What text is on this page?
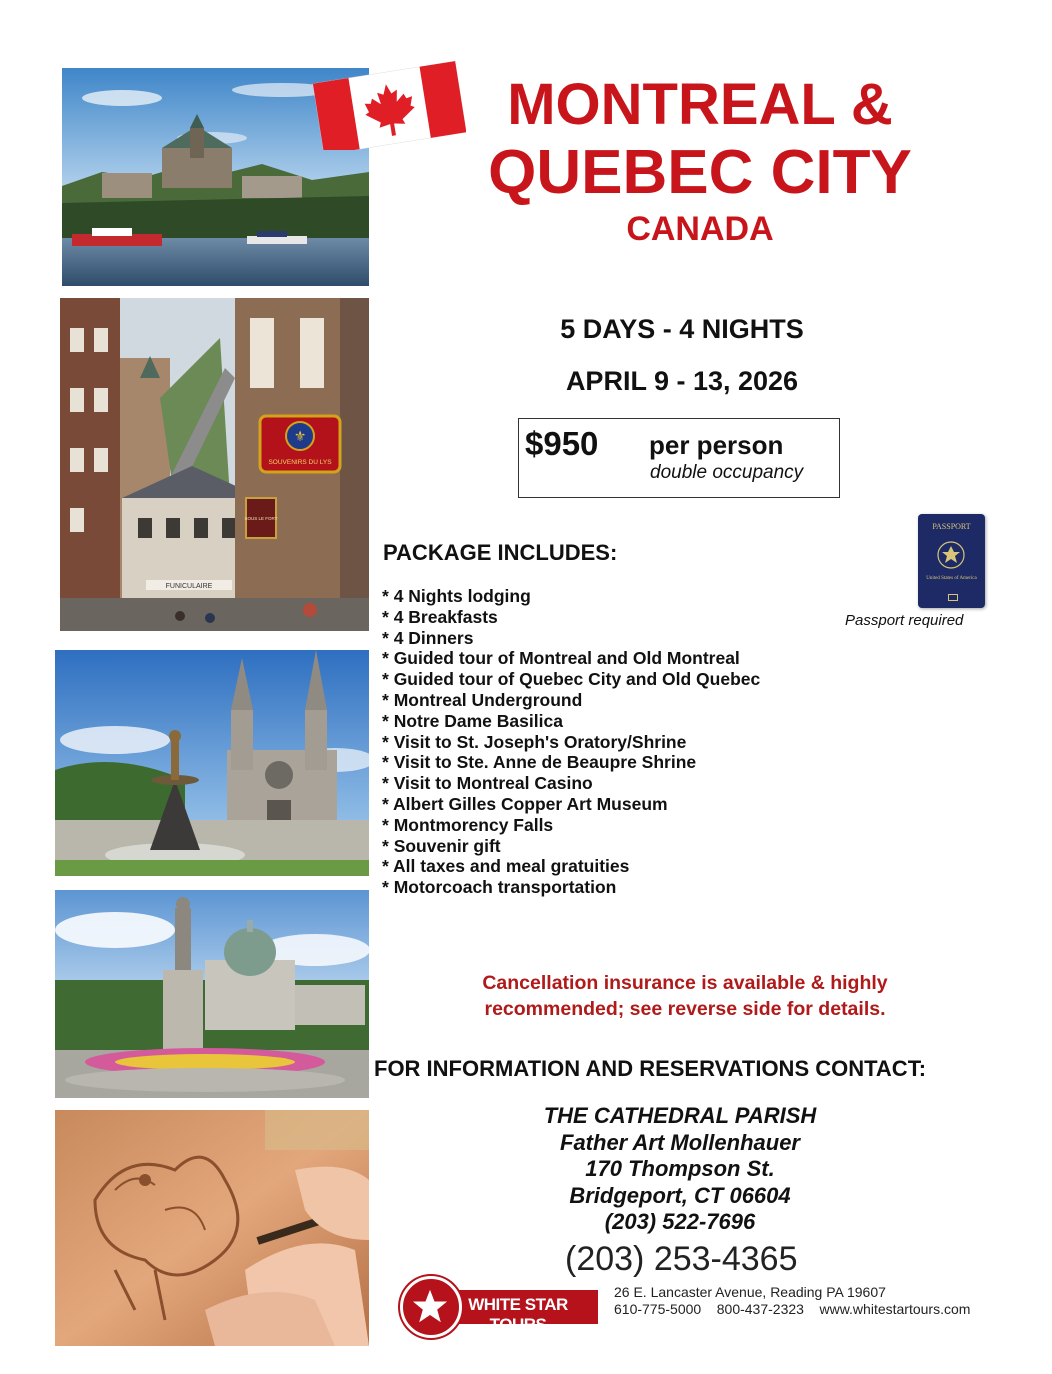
FUNICULAIRE
⚜
SOUVENIRS DU LYS
SOUS LE FORT
MONTREAL &
QUEBEC CITY
CANADA
5 DAYS - 4 NIGHTS
APRIL 9 - 13, 2026
$950 per person
double occupancy
PASSPORT
United States of America
Passport required
PACKAGE INCLUDES:
* 4 Nights lodging
* 4 Breakfasts
* 4 Dinners
* Guided tour of Montreal and Old Montreal
* Guided tour of Quebec City and Old Quebec
* Montreal Underground
* Notre Dame Basilica
* Visit to St. Joseph's Oratory/Shrine
* Visit to Ste. Anne de Beaupre Shrine
* Visit to Montreal Casino
* Albert Gilles Copper Art Museum
* Montmorency Falls
* Souvenir gift
* All taxes and meal gratuities
* Motorcoach transportation
Cancellation insurance is available & highly
recommended; see reverse side for details.
FOR INFORMATION AND RESERVATIONS CONTACT:
THE CATHEDRAL PARISH
Father Art Mollenhauer
170 Thompson St.
Bridgeport, CT 06604
(203) 522-7696
(203) 253-4365
WHITE STAR TOURS
26 E. Lancaster Avenue, Reading PA 19607
610-775-5000    800-437-2323    www.whitestartours.com
